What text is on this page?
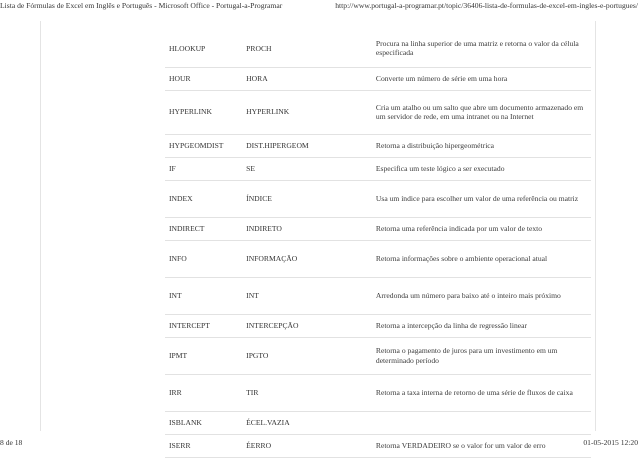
Lista de Fórmulas de Excel em Inglês e Português - Microsoft Office - Portugal-a-Programar	http://www.portugal-a-programar.pt/topic/36406-lista-de-formulas-de-excel-em-ingles-e-portugues/
HLOOKUP	PROCH	Procura na linha superior de uma matriz e retorna o valor da célula especificada
HOUR	HORA	Converte um número de série em uma hora
HYPERLINK	HYPERLINK	Cria um atalho ou um salto que abre um documento armazenado em um servidor de rede, em uma intranet ou na Internet
HYPGEOMDIST	DIST.HIPERGEOM	Retorna a distribuição hipergeométrica
IF	SE	Especifica um teste lógico a ser executado
INDEX	ÍNDICE	Usa um índice para escolher um valor de uma referência ou matriz
INDIRECT	INDIRETO	Retorna uma referência indicada por um valor de texto
INFO	INFORMAÇÃO	Retorna informações sobre o ambiente operacional atual
INT	INT	Arredonda um número para baixo até o inteiro mais próximo
INTERCEPT	INTERCEPÇÃO	Retorna a intercepção da linha de regressão linear
IPMT	IPGTO	Retorna o pagamento de juros para um investimento em um determinado período
IRR	TIR	Retorna a taxa interna de retorno de uma série de fluxos de caixa
ISBLANK	ÉCEL.VAZIA	
ISERR	ÉERRO	Retorna VERDADEIRO se o valor for um valor de erro
8 de 18	01-05-2015 12:20
